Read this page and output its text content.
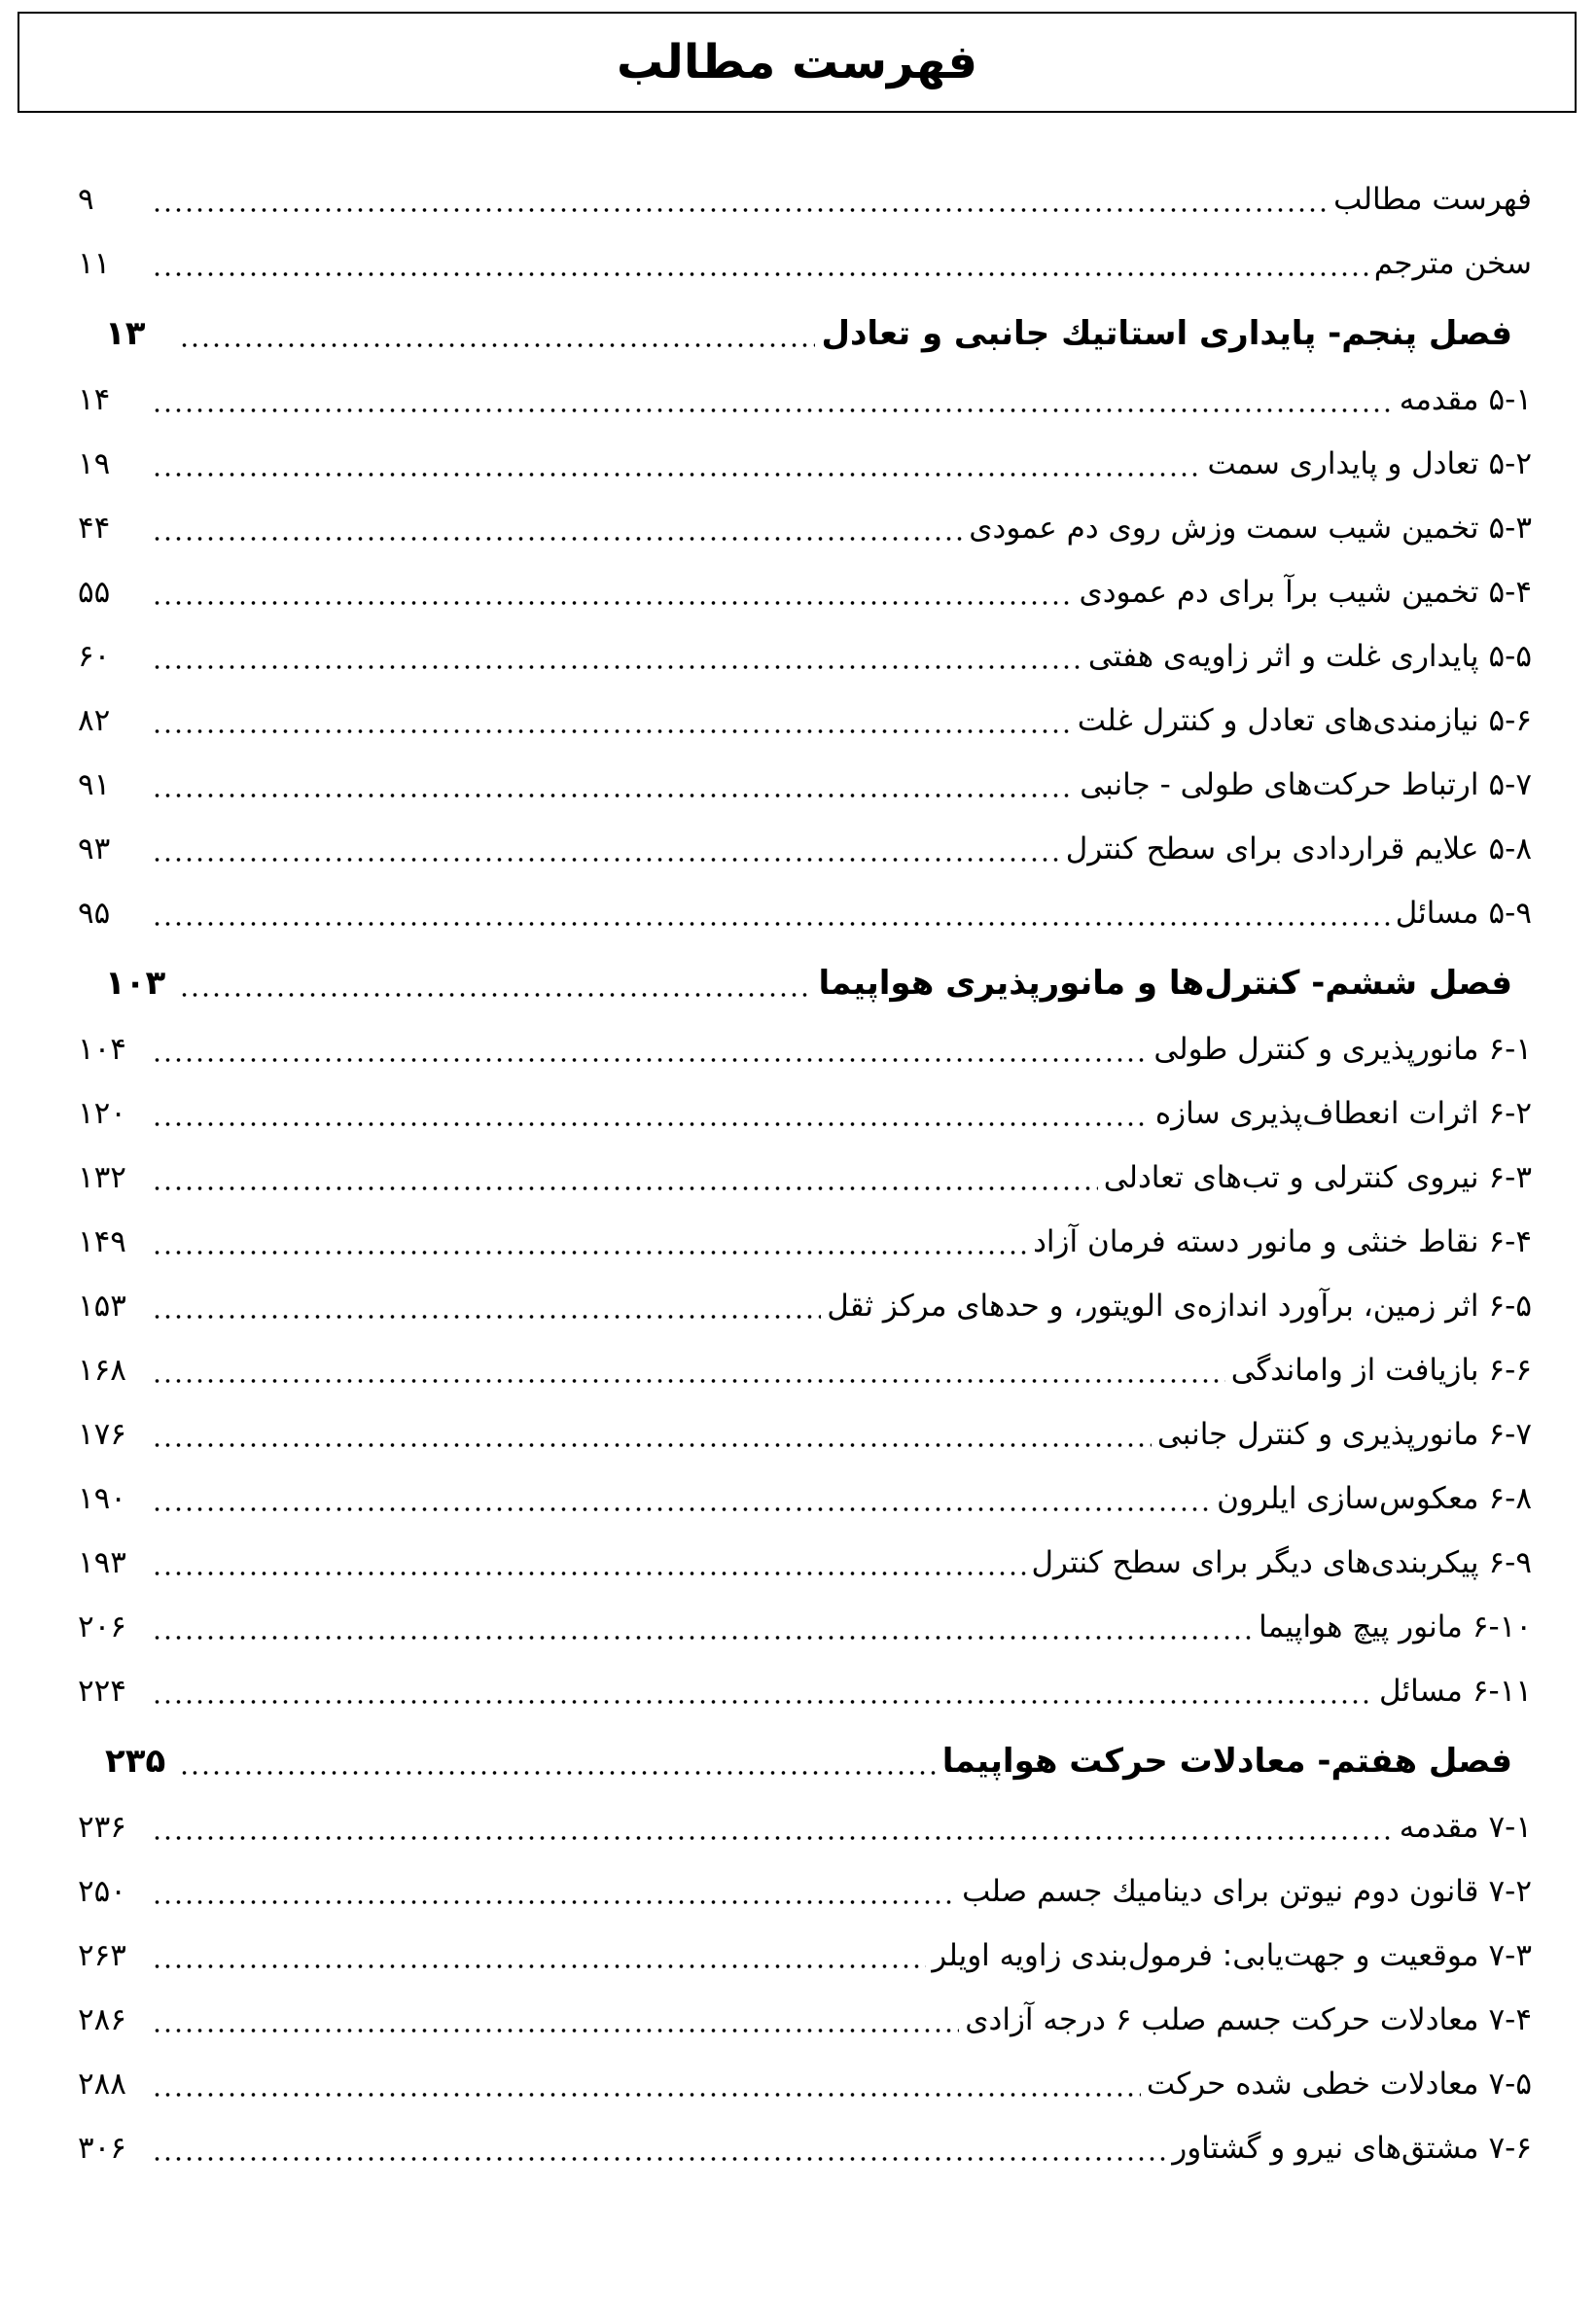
فهرست مطالب
فهرست مطالب
۹
سخن مترجم
۱۱
فصل پنجم- پایداری استاتیك جانبی و تعادل
۱۳
۵-۱مقدمه
۱۴
۵-۲تعادل و پایداری سمت
۱۹
۵-۳تخمین شیب سمت وزش روی دم عمودی
۴۴
۵-۴تخمین شیب برآ برای دم عمودی
۵۵
۵-۵پایداری غلت و اثر زاویه‌ی هفتی
۶۰
۵-۶نیازمندی‌های تعادل و کنترل غلت
۸۲
۵-۷ارتباط حرکت‌های طولی - جانبی
۹۱
۵-۸علایم قراردادی برای سطح کنترل
۹۳
۵-۹مسائل
۹۵
فصل ششم- کنترل‌ها و مانورپذیری هواپیما
۱۰۳
۶-۱مانورپذیری و کنترل طولی
۱۰۴
۶-۲اثرات انعطاف‌پذیری سازه
۱۲۰
۶-۳نیروی کنترلی و تب‌های تعادلی
۱۳۲
۶-۴نقاط خنثی و مانور دسته فرمان آزاد
۱۴۹
۶-۵اثر زمین، برآورد اندازه‌ی الویتور، و حدهای مرکز ثقل
۱۵۳
۶-۶بازیافت از واماندگی
۱۶۸
۶-۷مانورپذیری و کنترل جانبی
۱۷۶
۶-۸معکوس‌سازی ایلرون
۱۹۰
۶-۹پیکربندی‌های دیگر برای سطح کنترل
۱۹۳
۶-۱۰مانور پیچ هواپیما
۲۰۶
۶-۱۱مسائل
۲۲۴
فصل هفتم- معادلات حرکت هواپیما
۲۳۵
۷-۱مقدمه
۲۳۶
۷-۲قانون دوم نیوتن برای دینامیك جسم صلب
۲۵۰
۷-۳موقعیت و جهت‌یابی: فرمول‌بندی زاویه اویلر
۲۶۳
۷-۴معادلات حرکت جسم صلب ۶ درجه آزادی
۲۸۶
۷-۵معادلات خطی شده حرکت
۲۸۸
۷-۶مشتق‌های نیرو و گشتاور
۳۰۶
